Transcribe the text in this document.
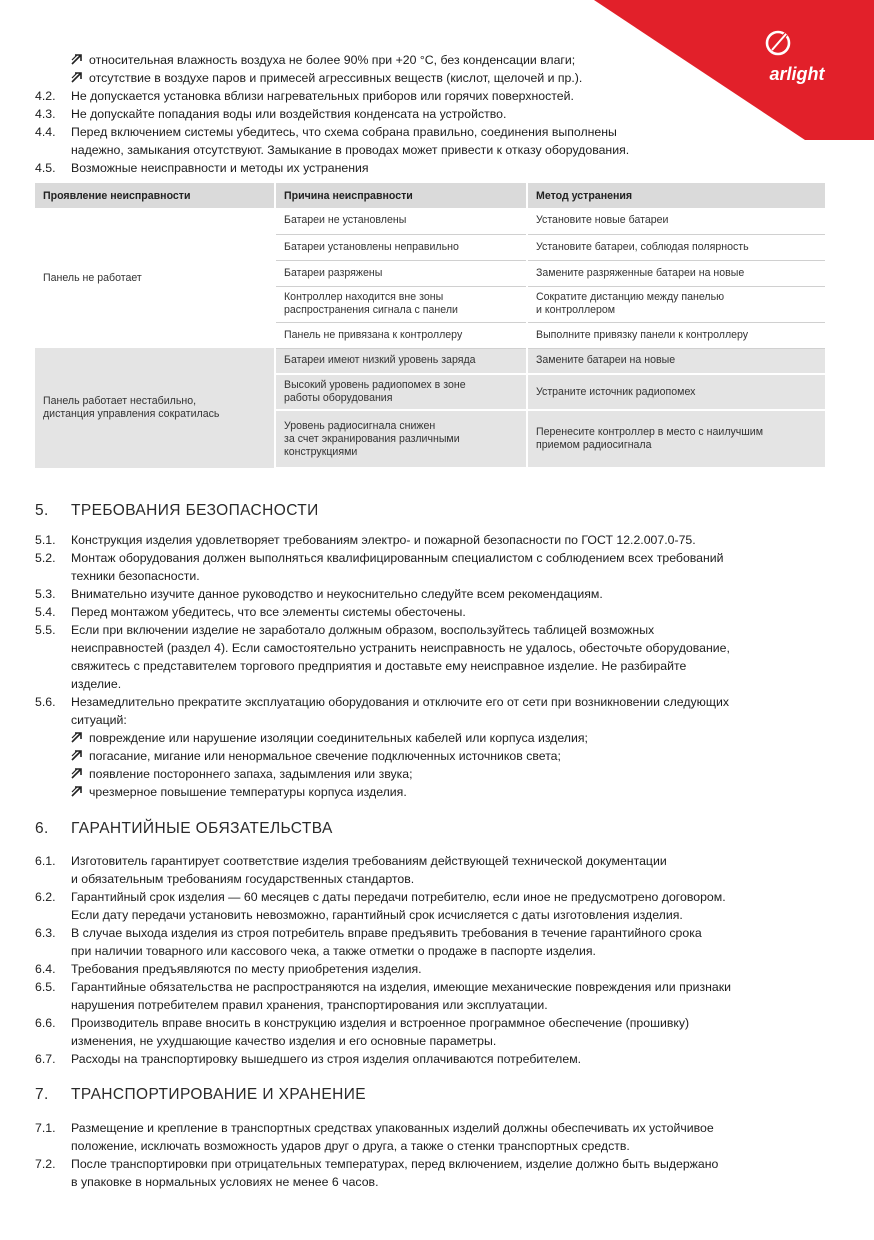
arlight
относительная влажность воздуха не более 90% при +20 °С, без конденсации влаги;
отсутствие в воздухе паров и примесей агрессивных веществ (кислот, щелочей и пр.).
4.2.	Не допускается установка вблизи нагревательных приборов или горячих поверхностей.
4.3.	Не допускайте попадания воды или воздействия конденсата на устройство.
4.4.	Перед включением системы убедитесь, что схема собрана правильно, соединения выполнены
надежно, замыкания отсутствуют. Замыкание в проводах может привести к отказу оборудования.
4.5.	Возможные неисправности и методы их устранения
Проявление неисправности	Причина неисправности	Метод устранения
Панель не работает	Батареи не установлены	Установите новые батареи
	Батареи установлены неправильно	Установите батареи, соблюдая полярность
	Батареи разряжены	Замените разряженные батареи на новые
	Контроллер находится вне зоны
распространения сигнала с панели	Сократите дистанцию между панелью
и контроллером
	Панель не привязана к контроллеру	Выполните привязку панели к контроллеру
Панель работает нестабильно,
дистанция управления сократилась	Батареи имеют низкий уровень заряда	Замените батареи на новые
	Высокий уровень радиопомех в зоне
работы оборудования	Устраните источник радиопомех
	Уровень радиосигнала снижен
за счет экранирования различными
конструкциями	Перенесите контроллер в место с наилучшим
приемом радиосигнала
5. ТРЕБОВАНИЯ БЕЗОПАСНОСТИ
5.1.	Конструкция изделия удовлетворяет требованиям электро- и пожарной безопасности по ГОСТ 12.2.007.0-75.
5.2.	Монтаж оборудования должен выполняться квалифицированным специалистом с соблюдением всех требований
техники безопасности.
5.3.	Внимательно изучите данное руководство и неукоснительно следуйте всем рекомендациям.
5.4.	Перед монтажом убедитесь, что все элементы системы обесточены.
5.5.	Если при включении изделие не заработало должным образом, воспользуйтесь таблицей возможных
неисправностей (раздел 4). Если самостоятельно устранить неисправность не удалось, обесточьте оборудование,
свяжитесь с представителем торгового предприятия и доставьте ему неисправное изделие. Не разбирайте
изделие.
5.6.	Незамедлительно прекратите эксплуатацию оборудования и отключите его от сети при возникновении следующих
ситуаций:
повреждение или нарушение изоляции соединительных кабелей или корпуса изделия;
погасание, мигание или ненормальное свечение подключенных источников света;
появление постороннего запаха, задымления или звука;
чрезмерное повышение температуры корпуса изделия.
6. ГАРАНТИЙНЫЕ ОБЯЗАТЕЛЬСТВА
6.1.	Изготовитель гарантирует соответствие изделия требованиям действующей технической документации
и обязательным требованиям государственных стандартов.
6.2.	Гарантийный срок изделия — 60 месяцев с даты передачи потребителю, если иное не предусмотрено договором.
Если дату передачи установить невозможно, гарантийный срок исчисляется с даты изготовления изделия.
6.3.	В случае выхода изделия из строя потребитель вправе предъявить требования в течение гарантийного срока
при наличии товарного или кассового чека, а также отметки о продаже в паспорте изделия.
6.4.	Требования предъявляются по месту приобретения изделия.
6.5.	Гарантийные обязательства не распространяются на изделия, имеющие механические повреждения или признаки
нарушения потребителем правил хранения, транспортирования или эксплуатации.
6.6.	Производитель вправе вносить в конструкцию изделия и встроенное программное обеспечение (прошивку)
изменения, не ухудшающие качество изделия и его основные параметры.
6.7.	Расходы на транспортировку вышедшего из строя изделия оплачиваются потребителем.
7. ТРАНСПОРТИРОВАНИЕ И ХРАНЕНИЕ
7.1.	Размещение и крепление в транспортных средствах упакованных изделий должны обеспечивать их устойчивое
положение, исключать возможность ударов друг о друга, а также о стенки транспортных средств.
7.2.	После транспортировки при отрицательных температурах, перед включением, изделие должно быть выдержано
в упаковке в нормальных условиях не менее 6 часов.
